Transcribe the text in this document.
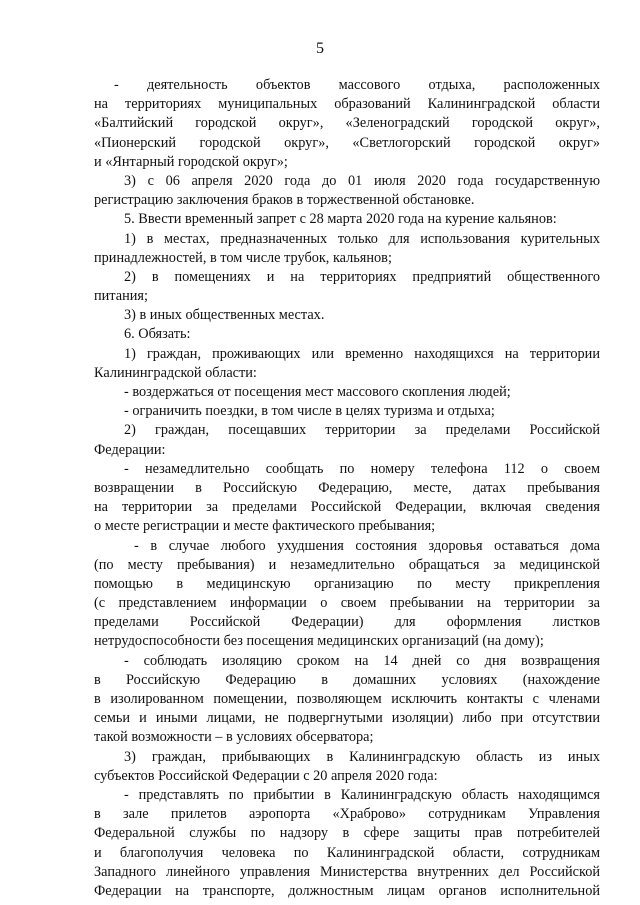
5
- деятельность объектов массового отдыха, расположенных
на территориях муниципальных образований Калининградской области
«Балтийский городской округ», «Зеленоградский городской округ»,
«Пионерский городской округ», «Светлогорский городской округ»
и «Янтарный городской округ»;
3) с 06 апреля 2020 года до 01 июля 2020 года государственную
регистрацию заключения браков в торжественной обстановке.
5. Ввести временный запрет с 28 марта 2020 года на курение кальянов:
1) в местах, предназначенных только для использования курительных
принадлежностей, в том числе трубок, кальянов;
2) в помещениях и на территориях предприятий общественного
питания;
3) в иных общественных местах.
6. Обязать:
1) граждан, проживающих или временно находящихся на территории
Калининградской области:
- воздержаться от посещения мест массового скопления людей;
- ограничить поездки, в том числе в целях туризма и отдыха;
2) граждан, посещавших территории за пределами Российской
Федерации:
- незамедлительно сообщать по номеру телефона 112 о своем
возвращении в Российскую Федерацию, месте, датах пребывания
на территории за пределами Российской Федерации, включая сведения
о месте регистрации и месте фактического пребывания;
- в случае любого ухудшения состояния здоровья оставаться дома
(по месту пребывания) и незамедлительно обращаться за медицинской
помощью в медицинскую организацию по месту прикрепления
(с представлением информации о своем пребывании на территории за
пределами Российской Федерации) для оформления листков
нетрудоспособности без посещения медицинских организаций (на дому);
- соблюдать изоляцию сроком на 14 дней со дня возвращения
в Российскую Федерацию в домашних условиях (нахождение
в изолированном помещении, позволяющем исключить контакты с членами
семьи и иными лицами, не подвергнутыми изоляции) либо при отсутствии
такой возможности – в условиях обсерватора;
3) граждан, прибывающих в Калининградскую область из иных
субъектов Российской Федерации с 20 апреля 2020 года:
- представлять по прибытии в Калининградскую область находящимся
в зале прилетов аэропорта «Храброво» сотрудникам Управления
Федеральной службы по надзору в сфере защиты прав потребителей
и благополучия человека по Калининградской области, сотрудникам
Западного линейного управления Министерства внутренних дел Российской
Федерации на транспорте, должностным лицам органов исполнительной
